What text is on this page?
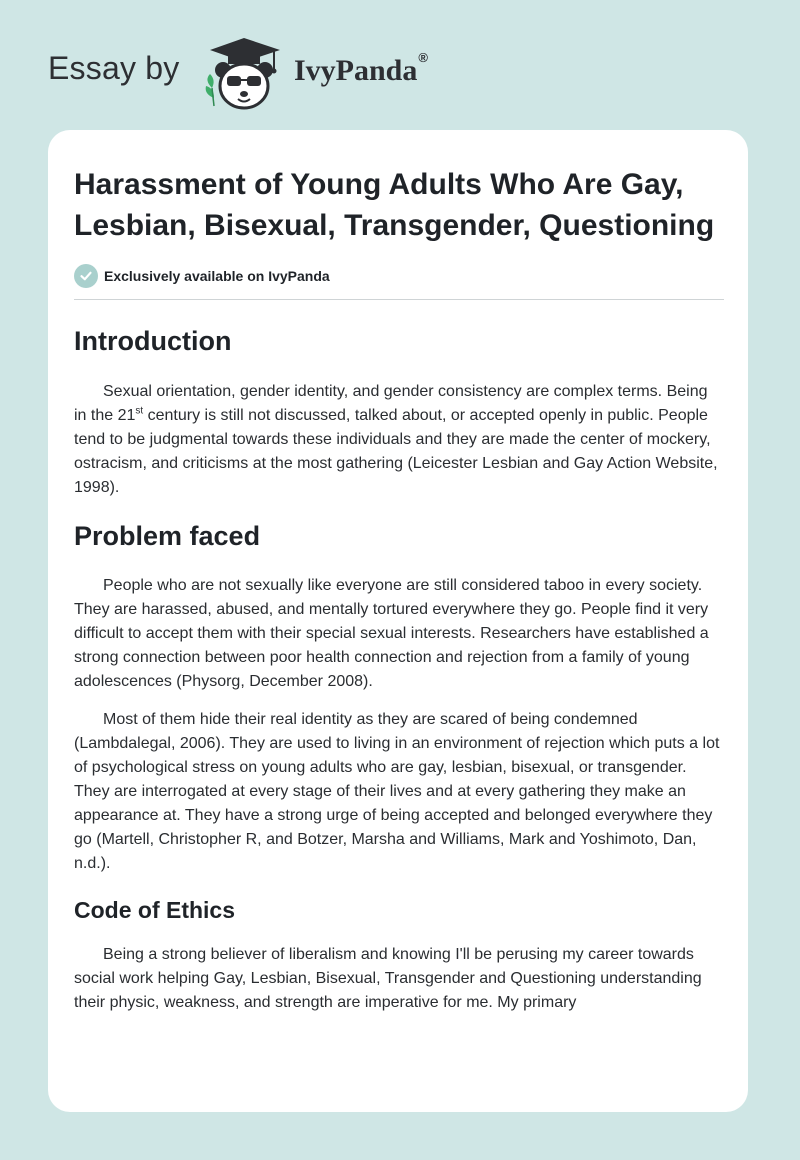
Essay by	IvyPanda®
Harassment of Young Adults Who Are Gay, Lesbian, Bisexual, Transgender, Questioning
Exclusively available on IvyPanda
Introduction

Sexual orientation, gender identity, and gender consistency are complex terms. Being in the 21st century is still not discussed, talked about, or accepted openly in public. People tend to be judgmental towards these individuals and they are made the center of mockery, ostracism, and criticisms at the most gathering (Leicester Lesbian and Gay Action Website, 1998).

Problem faced

People who are not sexually like everyone are still considered taboo in every society. They are harassed, abused, and mentally tortured everywhere they go. People find it very difficult to accept them with their special sexual interests. Researchers have established a strong connection between poor health connection and rejection from a family of young adolescences (Physorg, December 2008).

Most of them hide their real identity as they are scared of being condemned (Lambdalegal, 2006). They are used to living in an environment of rejection which puts a lot of psychological stress on young adults who are gay, lesbian, bisexual, or transgender. They are interrogated at every stage of their lives and at every gathering they make an appearance at. They have a strong urge of being accepted and belonged everywhere they go (Martell, Christopher R, and Botzer, Marsha and Williams, Mark and Yoshimoto, Dan, n.d.).

Code of Ethics

Being a strong believer of liberalism and knowing I'll be perusing my career towards social work helping Gay, Lesbian, Bisexual, Transgender and Questioning understanding their physic, weakness, and strength are imperative for me. My primary
